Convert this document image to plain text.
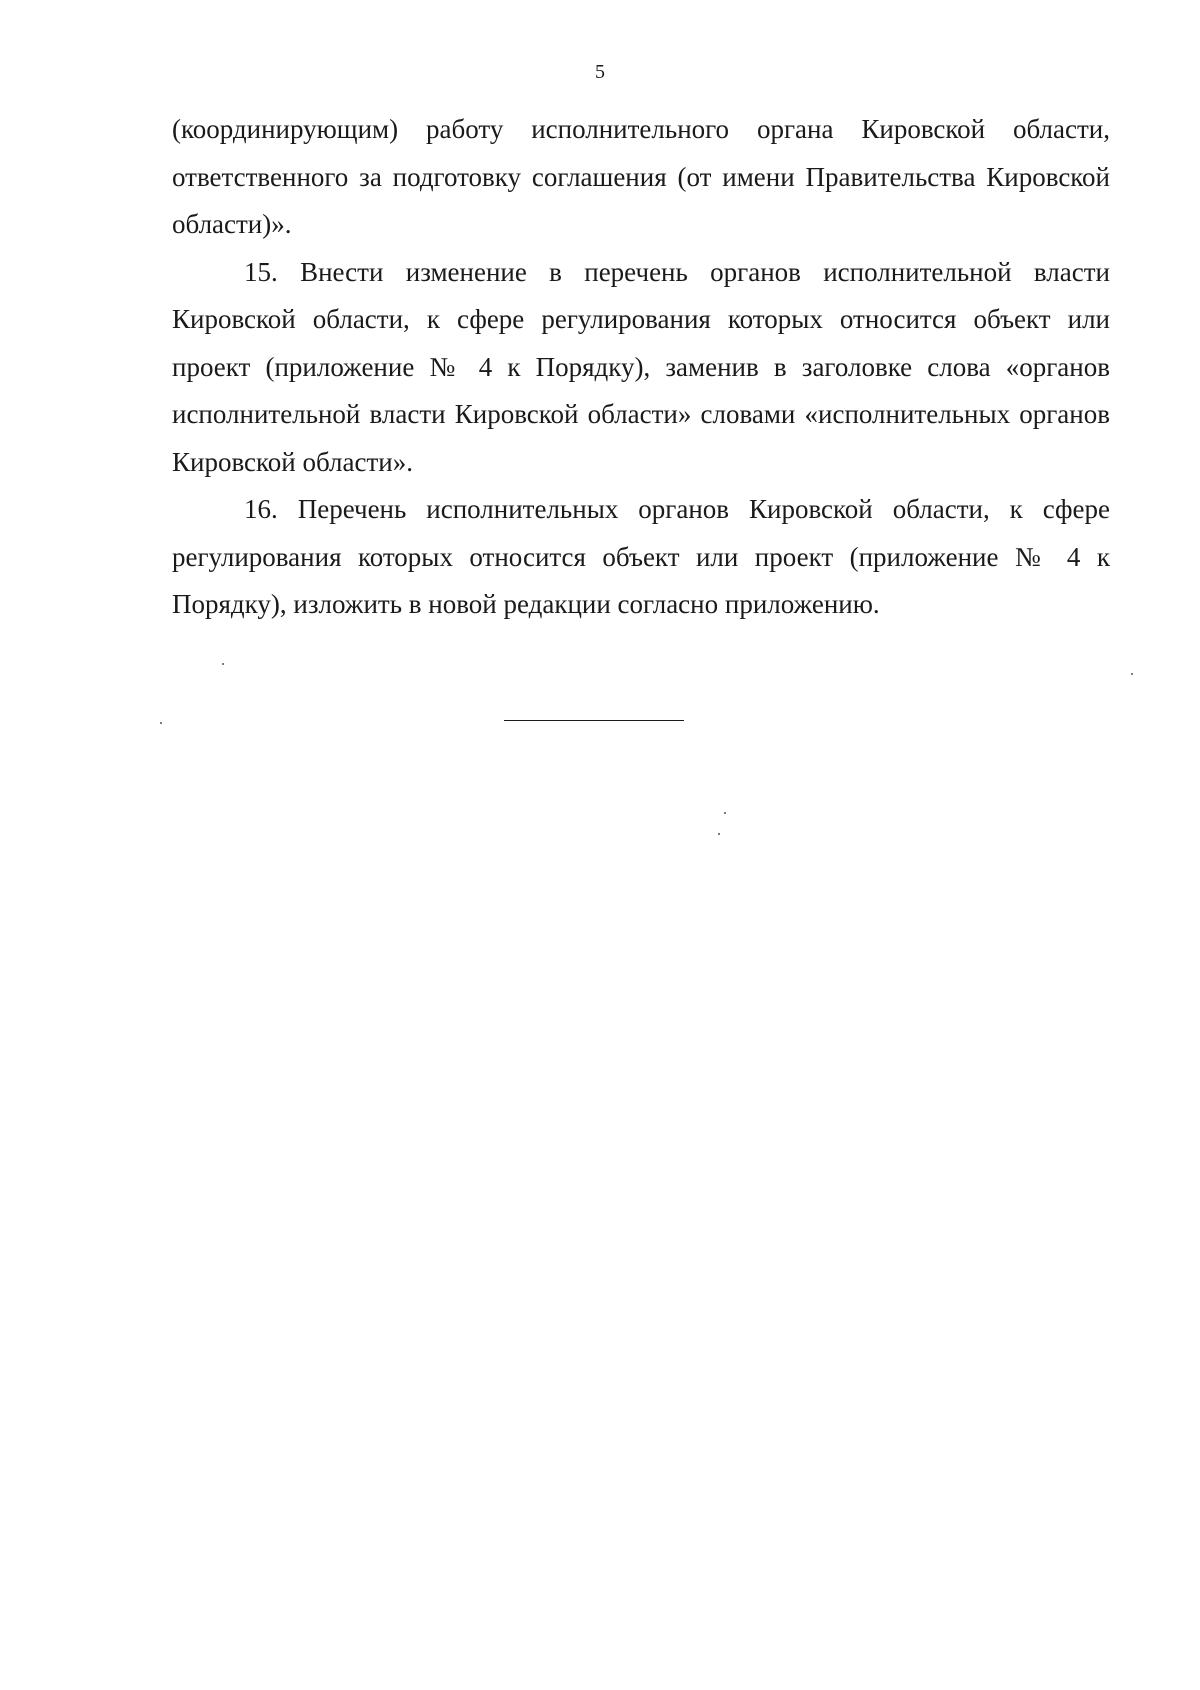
5

(координирующим) работу исполнительного органа Кировской области, ответственного за подготовку соглашения (от имени Правительства Кировской области)».

15. Внести изменение в перечень органов исполнительной власти Кировской области, к сфере регулирования которых относится объект или проект (приложение № 4 к Порядку), заменив в заголовке слова «органов исполнительной власти Кировской области» словами «исполнительных органов Кировской области».

16. Перечень исполнительных органов Кировской области, к сфере регулирования которых относится объект или проект (приложение № 4 к Порядку), изложить в новой редакции согласно приложению.
